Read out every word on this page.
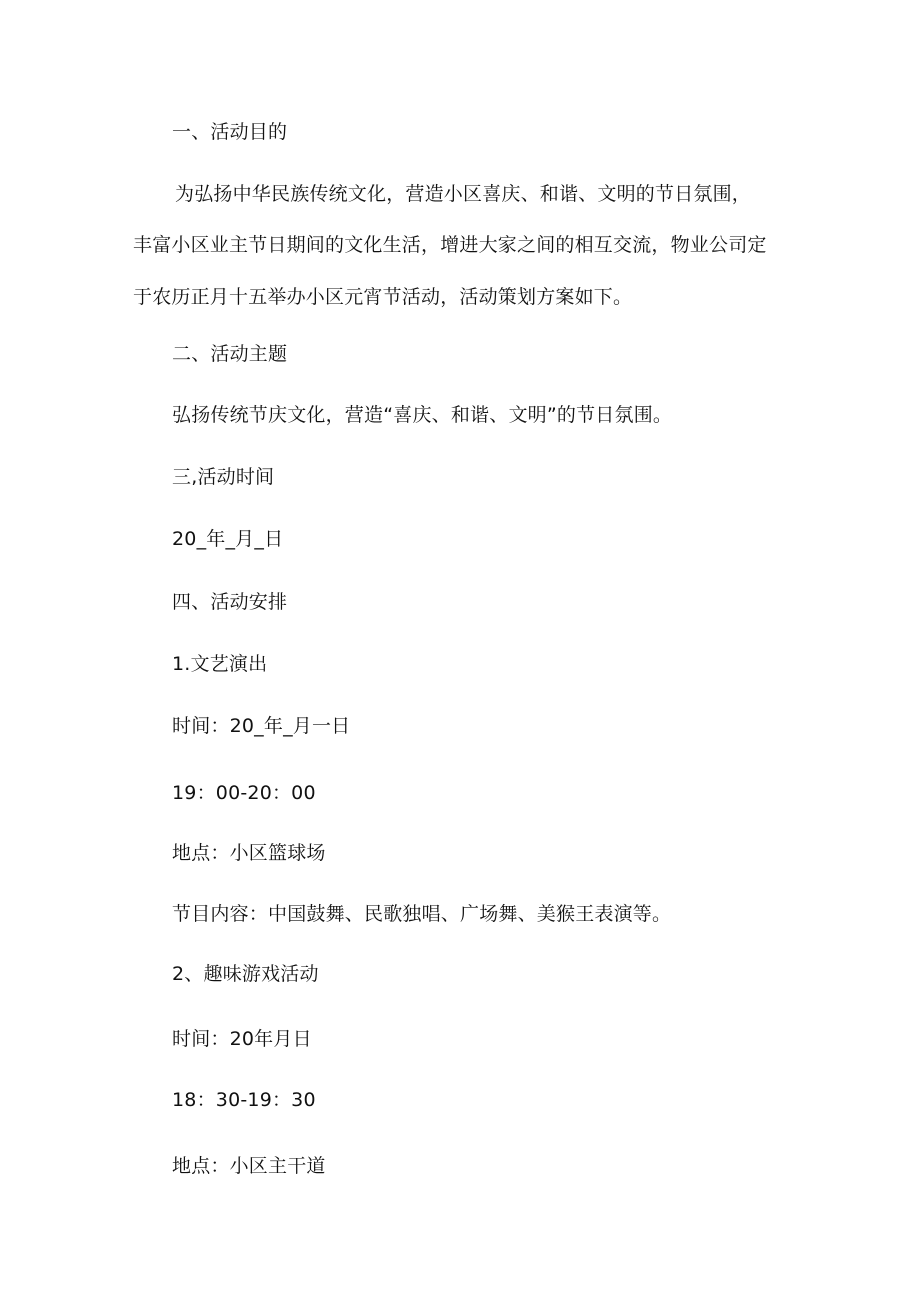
一、活动目的
为弘扬中华民族传统文化，营造小区喜庆、和谐、文明的节日氛围，
丰富小区业主节日期间的文化生活，增进大家之间的相互交流，物业公司定
于农历正月十五举办小区元宵节活动，活动策划方案如下。
二、活动主题
弘扬传统节庆文化，营造“喜庆、和谐、文明”的节日氛围。
三,活动时间
20_年_月_日
四、活动安排
1.文艺演出
时间：20_年_月一日
19：00-20：00
地点：小区篮球场
节目内容：中国鼓舞、民歌独唱、广场舞、美猴王表演等。
2、趣味游戏活动
时间：20年月日
18：30-19：30
地点：小区主干道
